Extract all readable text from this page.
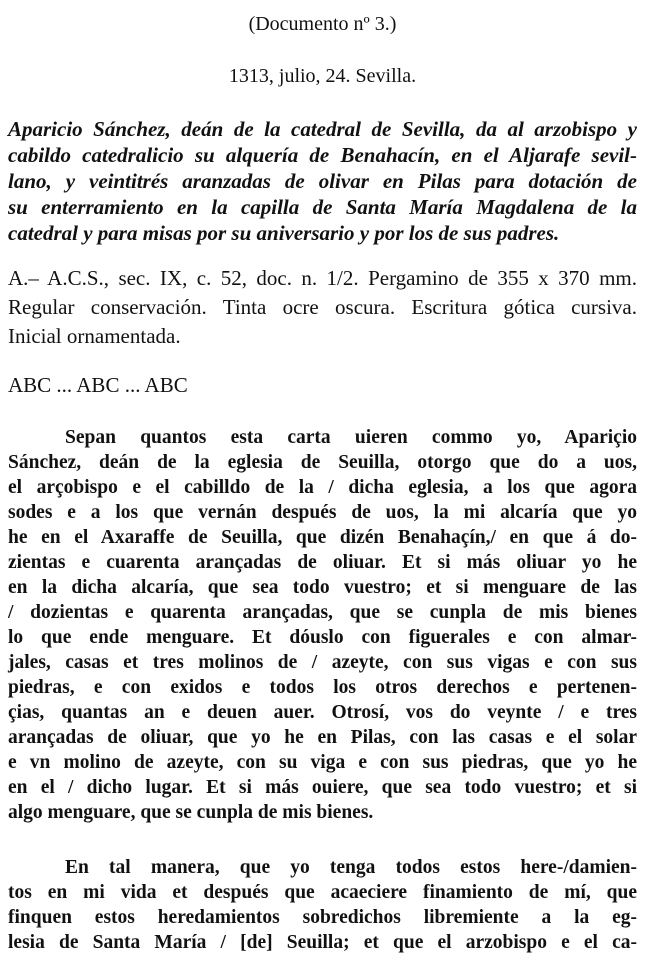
(Documento nº 3.)
1313, julio, 24. Sevilla.
Aparicio Sánchez, deán de la catedral de Sevilla, da al arzobispo y
cabildo catedralicio su alquería de Benahacín, en el Aljarafe sevil-
lano, y veintitrés aranzadas de olivar en Pilas para dotación de
su enterramiento en la capilla de Santa María Magdalena de la
catedral y para misas por su aniversario y por los de sus padres.
A.– A.C.S., sec. IX, c. 52, doc. n. 1/2. Pergamino de 355 x 370 mm.
Regular conservación. Tinta ocre oscura. Escritura gótica cursiva.
Inicial ornamentada.
ABC ... ABC ... ABC
Sepan quantos esta carta uieren commo yo, Apariçio
Sánchez, deán de la eglesia de Seuilla, otorgo que do a uos,
el arçobispo e el cabilldo de la / dicha eglesia, a los que agora
sodes e a los que vernán después de uos, la mi alcaría que yo
he en el Axaraffe de Seuilla, que dizén Benahaçín,/ en que á do-
zientas e cuarenta arançadas de oliuar. Et si más oliuar yo he
en la dicha alcaría, que sea todo vuestro; et si menguare de las
/ dozientas e quarenta arançadas, que se cunpla de mis bienes
lo que ende menguare. Et dóuslo con figuerales e con almar-
jales, casas et tres molinos de / azeyte, con sus vigas e con sus
piedras, e con exidos e todos los otros derechos e pertenen-
çias, quantas an e deuen auer. Otrosí, vos do veynte / e tres
arançadas de oliuar, que yo he en Pilas, con las casas e el solar
e vn molino de azeyte, con su viga e con sus piedras, que yo he
en el / dicho lugar. Et si más ouiere, que sea todo vuestro; et si
algo menguare, que se cunpla de mis bienes.
En tal manera, que yo tenga todos estos here-/damien-
tos en mi vida et después que acaeciere finamiento de mí, que
finquen estos heredamientos sobredichos libremiente a la eg-
lesia de Santa María / [de] Seuilla; et que el arzobispo e el ca-
